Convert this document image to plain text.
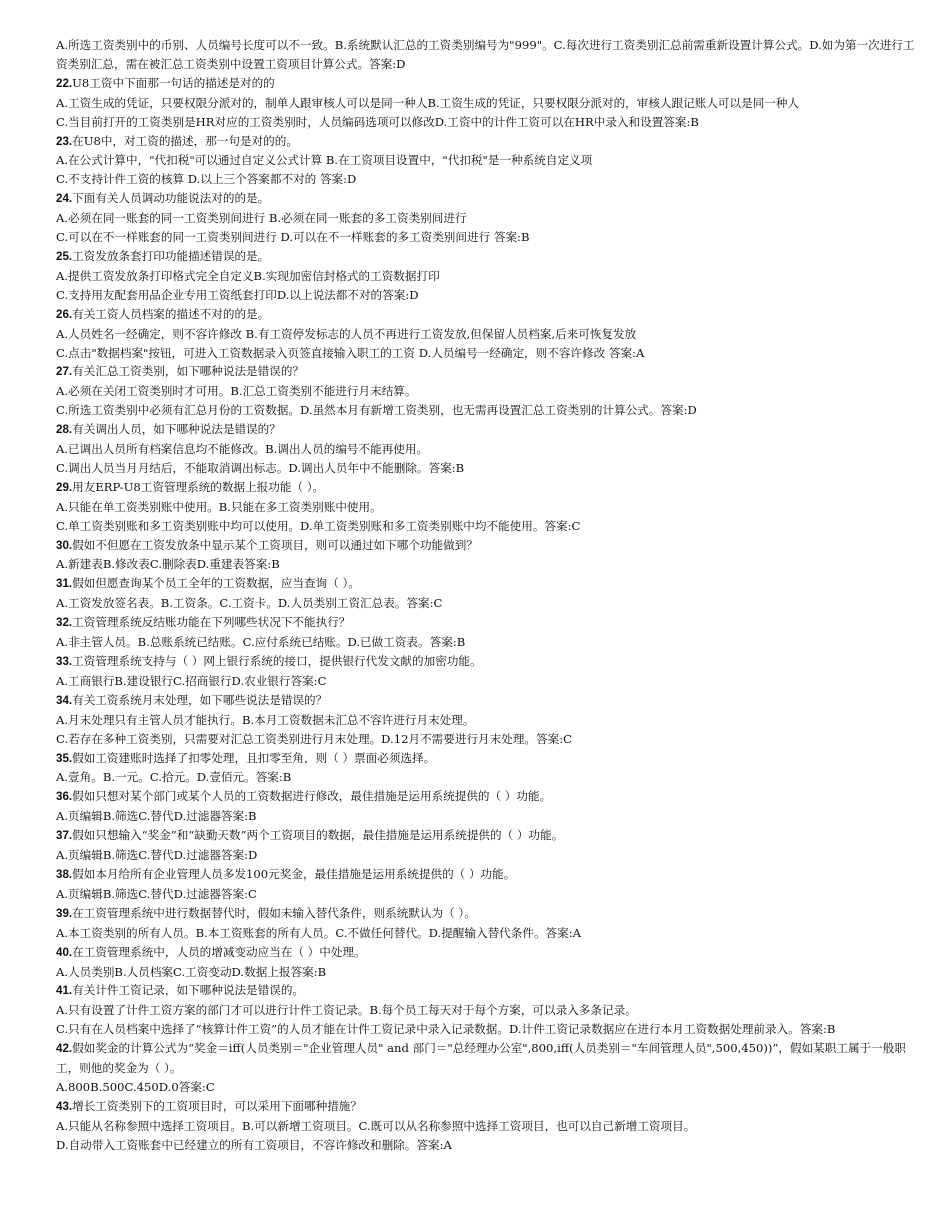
A.所选工资类别中的币别、人员编号长度可以不一致。B.系统默认汇总的工资类别编号为"999"。C.每次进行工资类别汇总前需重新设置计算公式。D.如为第一次进行工资类别汇总，需在被汇总工资类别中设置工资项目计算公式。答案:D
22.U8工资中下面那一句话的描述是对的的
A.工资生成的凭证，只要权限分派对的，制单人跟审核人可以是同一种人B.工资生成的凭证，只要权限分派对的，审核人跟记账人可以是同一种人
C.当目前打开的工资类别是HR对应的工资类别时，人员编码选项可以修改D.工资中的计件工资可以在HR中录入和设置答案:B
23.在U8中，对工资的描述，那一句是对的的。
A.在公式计算中，"代扣税"可以通过自定义公式计算 B.在工资项目设置中，"代扣税"是一种系统自定义项
C.不支持计件工资的核算 D.以上三个答案都不对的 答案:D
24.下面有关人员调动功能说法对的的是。
A.必须在同一账套的同一工资类别间进行 B.必须在同一账套的多工资类别间进行
C.可以在不一样账套的同一工资类别间进行 D.可以在不一样账套的多工资类别间进行 答案:B
25.工资发放条套打印功能描述错误的是。
A.提供工资发放条打印格式完全自定义B.实现加密信封格式的工资数据打印
C.支持用友配套用品企业专用工资纸套打印D.以上说法都不对的答案:D
26.有关工资人员档案的描述不对的的是。
A.人员姓名一经确定，则不容许修改 B.有工资停发标志的人员不再进行工资发放,但保留人员档案,后来可恢复发放
C.点击"数据档案"按钮，可进入工资数据录入页签直接输入职工的工资 D.人员编号一经确定，则不容许修改 答案:A
27.有关汇总工资类别，如下哪种说法是错误的？
A.必须在关闭工资类别时才可用。B.汇总工资类别不能进行月末结算。
C.所选工资类别中必须有汇总月份的工资数据。D.虽然本月有新增工资类别，也无需再设置汇总工资类别的计算公式。答案:D
28.有关调出人员，如下哪种说法是错误的？
A.已调出人员所有档案信息均不能修改。B.调出人员的编号不能再使用。
C.调出人员当月月结后，不能取消调出标志。D.调出人员年中不能删除。答案:B
29.用友ERP-U8工资管理系统的数据上报功能（ ）。
A.只能在单工资类别账中使用。B.只能在多工资类别账中使用。
C.单工资类别账和多工资类别账中均可以使用。D.单工资类别账和多工资类别账中均不能使用。答案:C
30.假如不但愿在工资发放条中显示某个工资项目，则可以通过如下哪个功能做到？
A.新建表B.修改表C.删除表D.重建表答案:B
31.假如但愿查询某个员工全年的工资数据，应当查询（ ）。
A.工资发放签名表。B.工资条。C.工资卡。D.人员类别工资汇总表。答案:C
32.工资管理系统反结账功能在下列哪些状况下不能执行？
A.非主管人员。B.总账系统已结账。C.应付系统已结账。D.已做工资表。答案:B
33.工资管理系统支持与（ ）网上银行系统的接口，提供银行代发文献的加密功能。
A.工商银行B.建设银行C.招商银行D.农业银行答案:C
34.有关工资系统月末处理，如下哪些说法是错误的？
A.月末处理只有主管人员才能执行。B.本月工资数据未汇总不容许进行月末处理。
C.若存在多种工资类别，只需要对汇总工资类别进行月末处理。D.12月不需要进行月末处理。答案:C
35.假如工资建账时选择了扣零处理，且扣零至角，则（ ）票面必须选择。
A.壹角。B.一元。C.拾元。D.壹佰元。答案:B
36.假如只想对某个部门或某个人员的工资数据进行修改，最佳措施是运用系统提供的（ ）功能。
A.页编辑B.筛选C.替代D.过滤器答案:B
37.假如只想输入“奖金”和“缺勤天数”两个工资项目的数据，最佳措施是运用系统提供的（ ）功能。
A.页编辑B.筛选C.替代D.过滤器答案:D
38.假如本月给所有企业管理人员多发100元奖金，最佳措施是运用系统提供的（ ）功能。
A.页编辑B.筛选C.替代D.过滤器答案:C
39.在工资管理系统中进行数据替代时，假如未输入替代条件，则系统默认为（ ）。
A.本工资类别的所有人员。B.本工资账套的所有人员。C.不做任何替代。D.提醒输入替代条件。答案:A
40.在工资管理系统中，人员的增减变动应当在（ ）中处理。
A.人员类别B.人员档案C.工资变动D.数据上报答案:B
41.有关计件工资记录，如下哪种说法是错误的。
A.只有设置了计件工资方案的部门才可以进行计件工资记录。B.每个员工每天对于每个方案，可以录入多条记录。
C.只有在人员档案中选择了“核算计件工资”的人员才能在计件工资记录中录入记录数据。D.计件工资记录数据应在进行本月工资数据处理前录入。答案:B
42.假如奖金的计算公式为“奖金＝iff(人员类别＝"企业管理人员" and 部门＝"总经理办公室",800,iff(人员类别＝"车间管理人员",500,450))”，假如某职工属于一般职工，则他的奖金为（ ）。
A.800B.500C.450D.0答案:C
43.增长工资类别下的工资项目时，可以采用下面哪种措施？
A.只能从名称参照中选择工资项目。B.可以新增工资项目。C.既可以从名称参照中选择工资项目，也可以自己新增工资项目。
D.自动带入工资账套中已经建立的所有工资项目，不容许修改和删除。答案:A
